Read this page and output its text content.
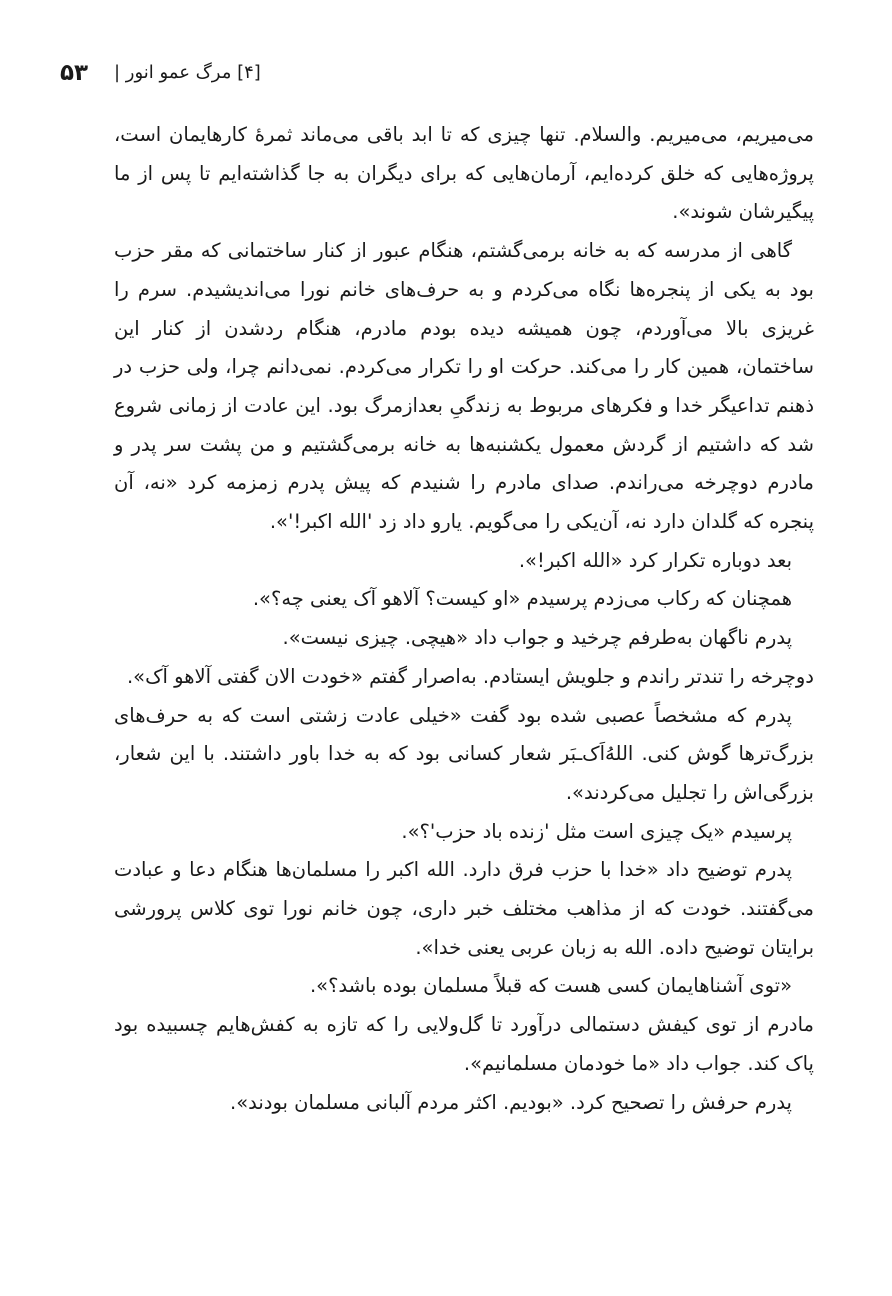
۵۳ [۴] مرگ عمو انور |

می‌میریم، می‌میریم. والسلام. تنها چیزی که تا ابد باقی می‌ماند ثمرهٔ کارهایمان است، پروژه‌هایی که خلق کرده‌ایم، آرمان‌هایی که برای دیگران به جا گذاشته‌ایم تا پس از ما پیگیرشان شوند».

گاهی از مدرسه که به خانه برمی‌گشتم، هنگام عبور از کنار ساختمانی که مقر حزب بود به یکی از پنجره‌ها نگاه می‌کردم و به حرف‌های خانم نورا می‌اندیشیدم. سرم را غریزی بالا می‌آوردم، چون همیشه دیده بودم مادرم، هنگام ردشدن از کنار این ساختمان، همین کار را می‌کند. حرکت او را تکرار می‌کردم. نمی‌دانم چرا، ولی حزب در ذهنم تداعیگر خدا و فکرهای مربوط به زندگیِ بعدازمرگ بود. این عادت از زمانی شروع شد که داشتیم از گردش معمول یکشنبه‌ها به خانه برمی‌گشتیم و من پشت سر پدر و مادرم دوچرخه می‌راندم. صدای مادرم را شنیدم که پیش پدرم زمزمه کرد «نه، آن پنجره که گلدان دارد نه، آن‌یکی را می‌گویم. یارو داد زد 'الله اکبر!'».

بعد دوباره تکرار کرد «الله اکبر!».

همچنان که رکاب می‌زدم پرسیدم «او کیست؟ آلاهو آک یعنی چه؟».

پدرم ناگهان به‌طرفم چرخید و جواب داد «هیچی. چیزی نیست».

دوچرخه را تندتر راندم و جلویش ایستادم. به‌اصرار گفتم «خودت الان گفتی آلاهو آک».

پدرم که مشخصاً عصبی شده بود گفت «خیلی عادت زشتی است که به حرف‌های بزرگ‌ترها گوش کنی. اللهُ‌اَک‌ـبَر شعار کسانی بود که به خدا باور داشتند. با این شعار، بزرگی‌اش را تجلیل می‌کردند».

پرسیدم «یک چیزی است مثل 'زنده باد حزب'؟».

پدرم توضیح داد «خدا با حزب فرق دارد. الله اکبر را مسلمان‌ها هنگام دعا و عبادت می‌گفتند. خودت که از مذاهب مختلف خبر داری، چون خانم نورا توی کلاس پرورشی برایتان توضیح داده. الله به زبان عربی یعنی خدا».

«توی آشناهایمان کسی هست که قبلاً مسلمان بوده باشد؟».

مادرم از توی کیفش دستمالی درآورد تا گل‌ولایی را که تازه به کفش‌هایم چسبیده بود پاک کند. جواب داد «ما خودمان مسلمانیم».

پدرم حرفش را تصحیح کرد. «بودیم. اکثر مردم آلبانی مسلمان بودند».
